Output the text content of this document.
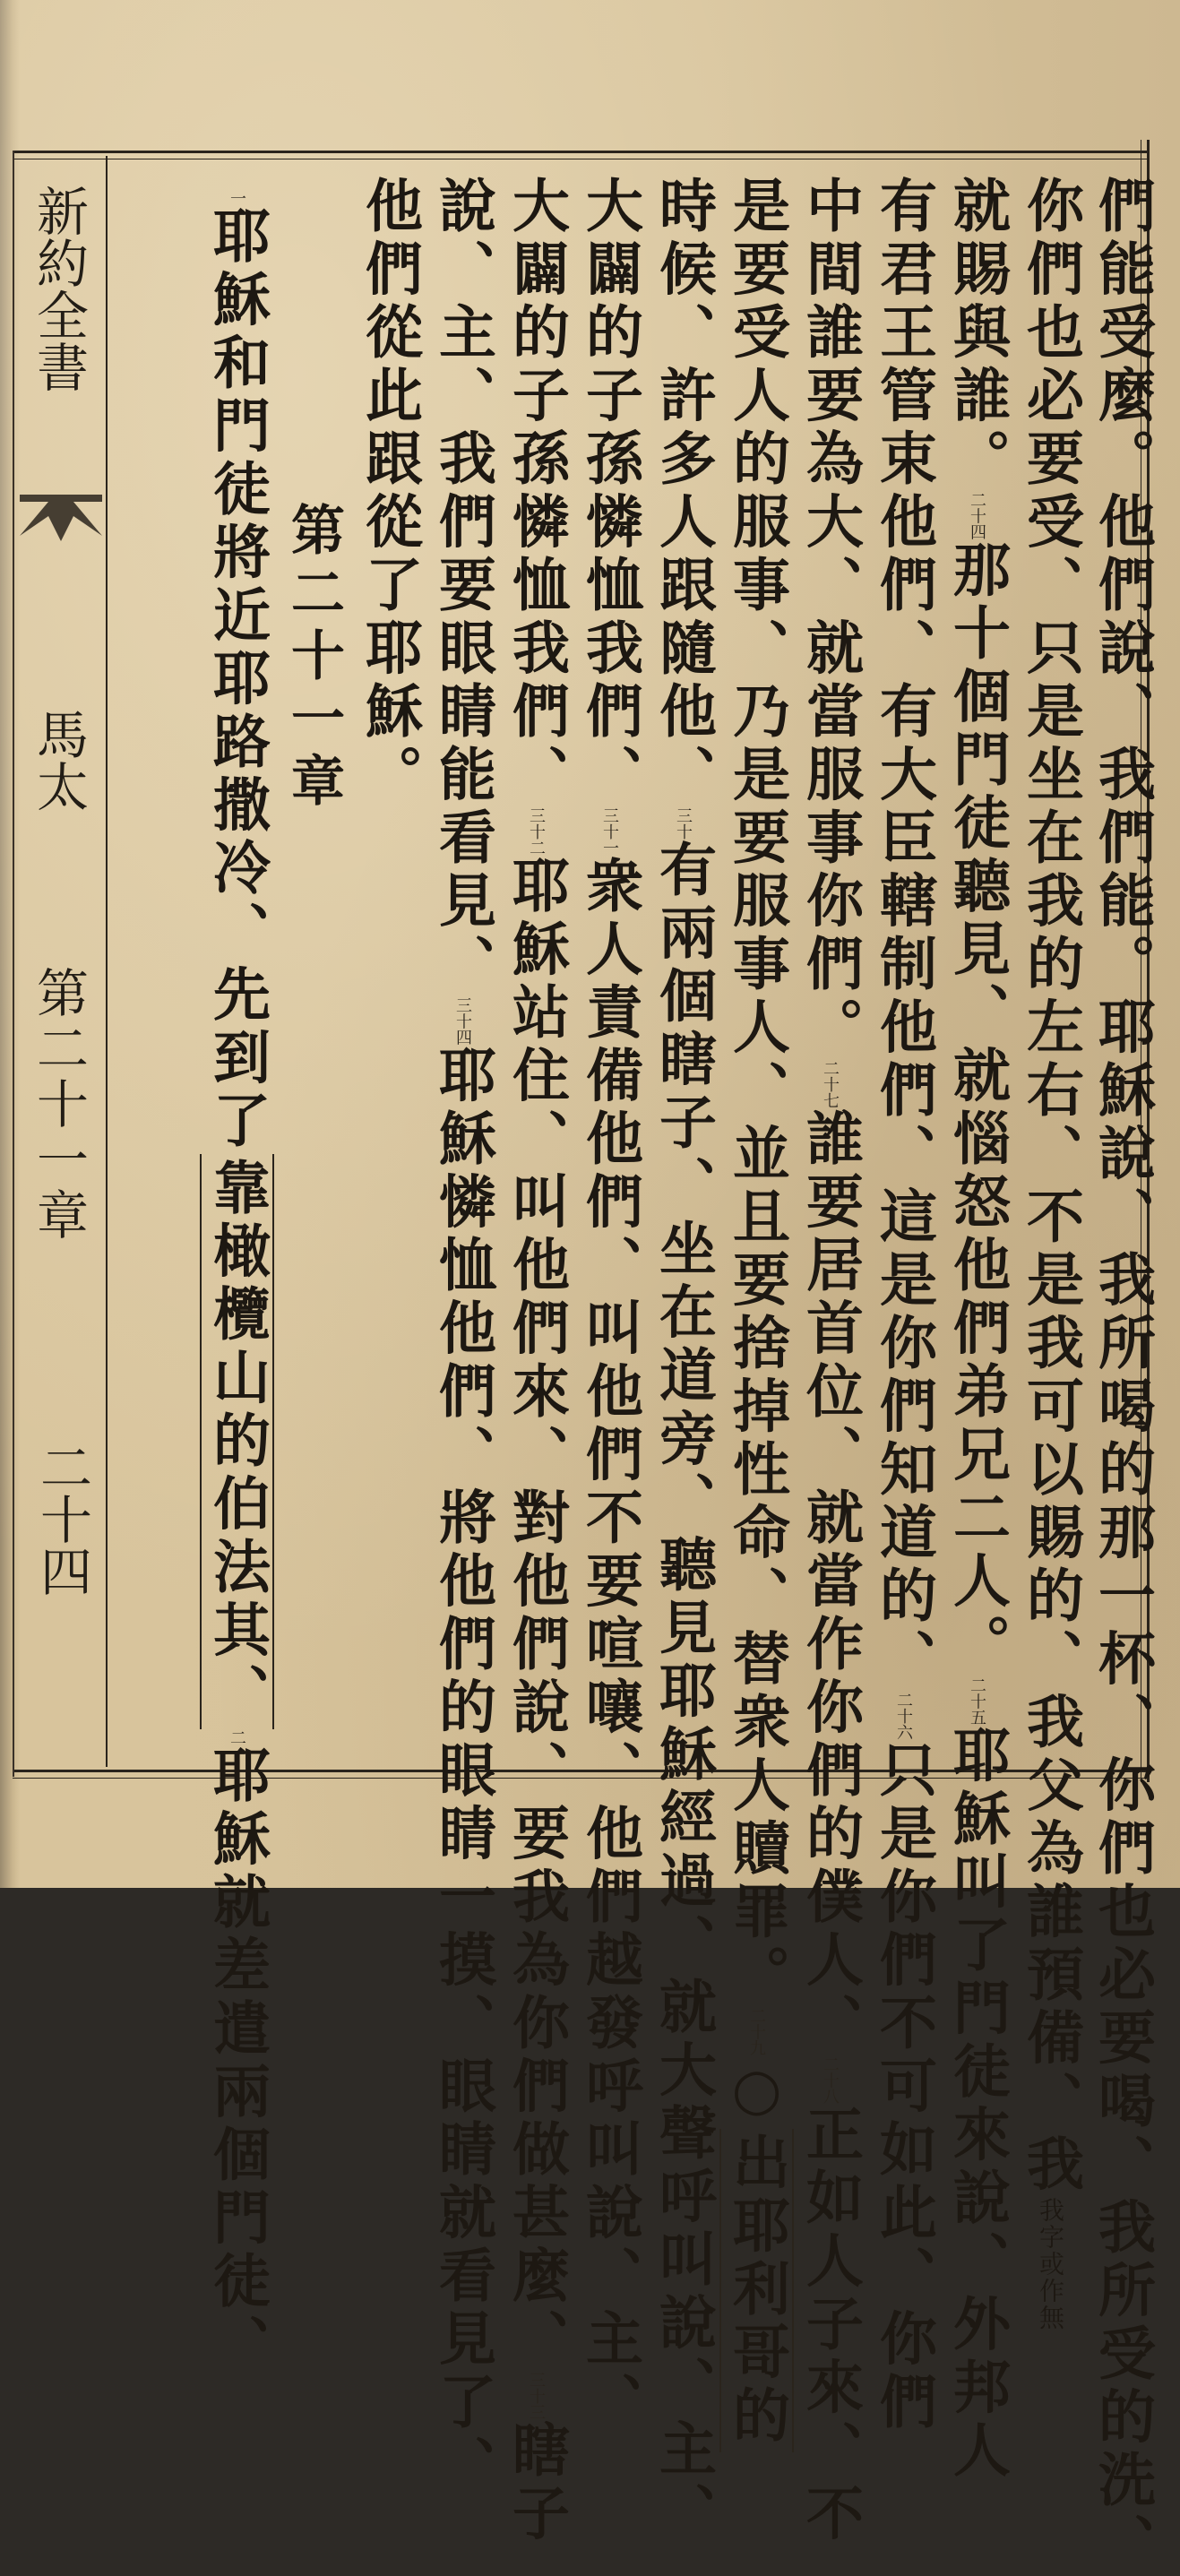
新約全書
馬太
第二十一章
二十四	們能受麼。他們說、我們能。耶穌說、我所喝的那一杯、你們也必要喝、我所受的洗、
你們也必要受、只是坐在我的左右、不是我可以賜的、我父為誰預備、我我字或作無
就賜與誰。二十四那十個門徒聽見、就惱怒他們弟兄二人。二十五耶穌叫了門徒來說、外邦人
有君王管束他們、有大臣轄制他們、這是你們知道的、二十六只是你們不可如此、你們
中間誰要為大、就當服事你們。二十七誰要居首位、就當作你們的僕人、二十八正如人子來、不
是要受人的服事、乃是要服事人、並且要捨掉性命、替衆人贖罪。二十九○出耶利哥的
時候、許多人跟隨他、三十有兩個瞎子、坐在道旁、聽見耶穌經過、就大聲呼叫說、主、
大闢的子孫憐恤我們、三十一衆人責備他們、叫他們不要喧嚷、他們越發呼叫說、主、
大闢的子孫憐恤我們、三十二耶穌站住、叫他們來、對他們說、要我為你們做甚麼、三十三瞎子
說、主、我們要眼睛能看見、三十四耶穌憐恤他們、將他們的眼睛一摸、眼睛就看見了、
他們從此跟從了耶穌。
第二十一章
一耶穌和門徒將近耶路撒冷、先到了靠橄欖山的伯法其、二耶穌就差遣兩個門徒、
